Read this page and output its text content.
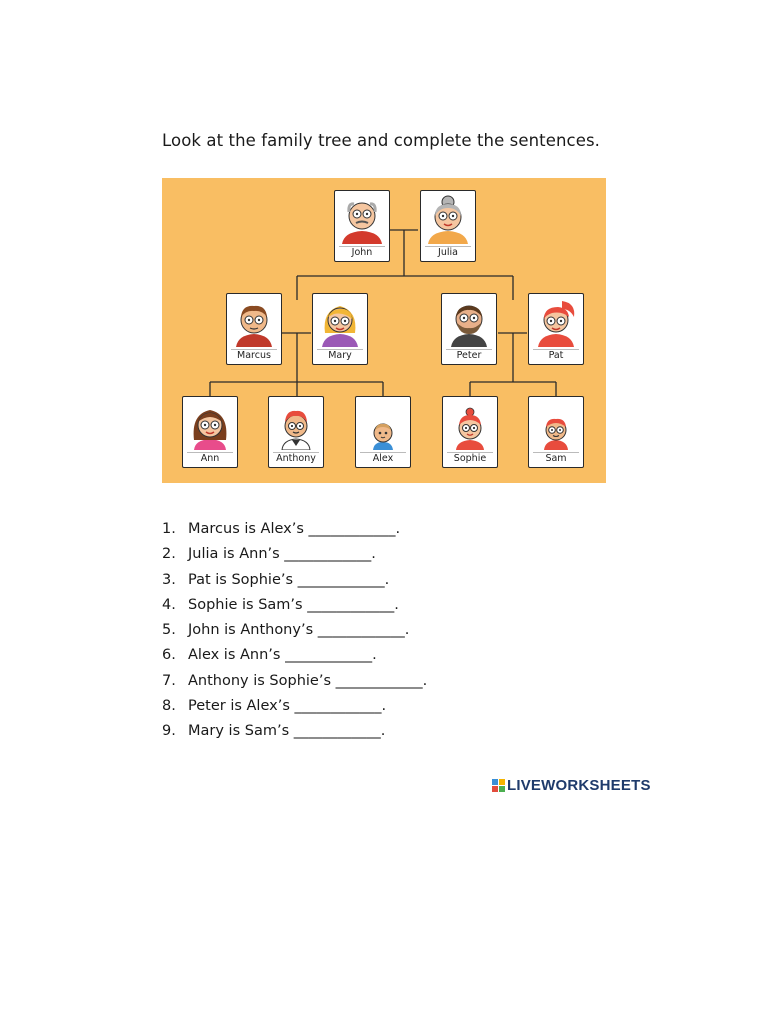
Look at the family tree and complete the sentences.
John	Julia
Marcus	Mary	Peter	Pat
Ann	Anthony	Alex	Sophie	Sam
1. Marcus is Alex’s ____________.
2. Julia is Ann’s ____________.
3. Pat is Sophie’s ____________.
4. Sophie is Sam’s ____________.
5. John is Anthony’s ____________.
6. Alex is Ann’s ____________.
7. Anthony is Sophie’s ____________.
8. Peter is Alex’s ____________.
9. Mary is Sam’s ____________.
LIVEWORKSHEETS
